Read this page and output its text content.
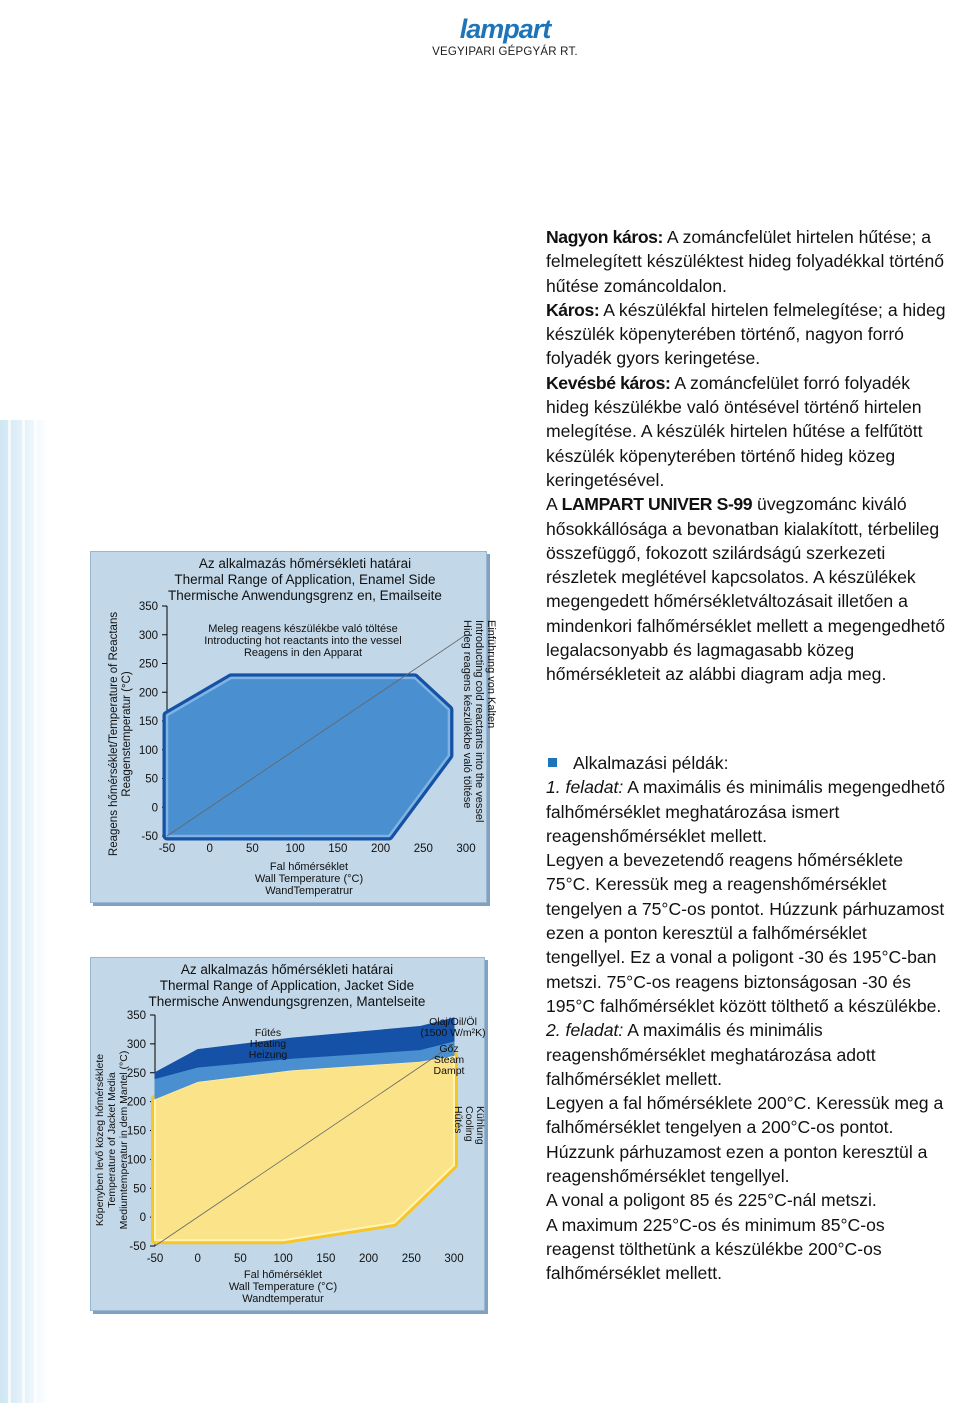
lampart
VEGYIPARI GÉPGYÁR RT.
-50
0
50
100
150
200
250
300
350
-50	0	50 100 150 200 250 300
Az alkalmazás hőmérsékleti határai
Thermal Range of Application, Enamel Side
Thermische Anwendungsgrenz en, Emailseite
Meleg reagens készülékbe való töltése
Introducting hot reactants into the vessel
Reagens in den Apparat
Fal hőmérséklet
Wall Temperature (°C)
WandTemperatrur
Reagens hőmérséklet/Temperature of Reactans Reagenstemperatur (°C)	Hideg reagens készülékbe való töltése Introducting cold reactants into the vessel Einführung von Kalten
-50
0
50
100
150
200
250
300
350
-50	0	50 100 150 200 250 300
Az alkalmazás hőmérsékleti határai
Thermal Range of Application, Jacket Side
Thermische Anwendungsgrenzen, Mantelseite
Fűtés
Heating
Heizung
Olaj/Oil/Öl
(1500 W/m²K)
Gőz
Steam
Dampt
Hűtés Cooling Kühlung
Fal hőmérséklet
Wall Temperature (°C)
Wandtemperatur
Köpenyben levő közeg hőmérséklete Temperature of Jacket Media Mediumtemperatur in dem Mantel (°C)

Nagyon káros: A zománcfelület hirtelen hűtése; a felmelegített készüléktest hideg folyadékkal történő hűtése zománcoldalon.

Káros: A készülékfal hirtelen felmelegítése; a hideg készülék köpenyterében történő, nagyon forró folyadék gyors keringetése.

Kevésbé káros: A zománcfelület forró folyadék hideg készülékbe való öntésével történő hirtelen melegítése. A készülék hirtelen hűtése a felfűtött készülék köpenyterében történő hideg közeg keringetésével.

A LAMPART UNIVER S-99 üvegzománc kiváló hősokkállósága a bevonatban kialakított, térbelileg összefüggő, fokozott szilárdságú szerkezeti részletek meglétével kapcsolatos. A készülékek megengedett hőmérsékletváltozásait illetően a mindenkori falhőmérséklet mellett a megengedhető legalacsonyabb és lagmagasabb közeg hőmérsékleteit az alábbi diagram adja meg.

Alkalmazási példák:

1. feladat: A maximális és minimális megengedhető falhőmérséklet meghatározása ismert reagenshőmérséklet mellett.

Legyen a bevezetendő reagens hőmérséklete 75°C. Keressük meg a reagenshőmérséklet tengelyen a 75°C-os pontot. Húzzunk párhuzamost ezen a ponton keresztül a falhőmérséklet tengellyel. Ez a vonal a poligont -30 és 195°C-ban metszi. 75°C-os reagens biztonságosan -30 és 195°C falhőmérséklet között tölthető a készülékbe.

2. feladat: A maximális és minimális reagenshőmérséklet meghatározása adott falhőmérséklet mellett.

Legyen a fal hőmérséklete 200°C. Keressük meg a falhőmérséklet tengelyen a 200°C-os pontot. Húzzunk párhuzamost ezen a ponton keresztül a reagenshőmérséklet tengellyel.

A vonal a poligont 85 és 225°C-nál metszi.

A maximum 225°C-os és minimum 85°C-os reagenst tölthetünk a készülékbe 200°C-os falhőmérséklet mellett.
